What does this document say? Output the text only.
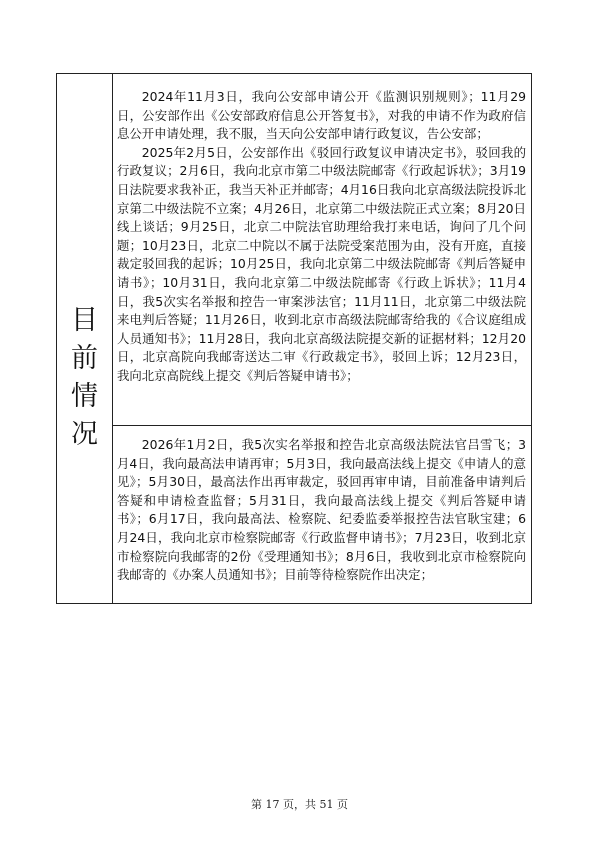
目前情况

2024年11月3日，我向公安部申请公开《监测识别规则》；11月29日，公安部作出《公安部政府信息公开答复书》，对我的申请不作为政府信息公开申请处理，我不服，当天向公安部申请行政复议，告公安部；

2025年2月5日，公安部作出《驳回行政复议申请决定书》，驳回我的行政复议；2月6日，我向北京市第二中级法院邮寄《行政起诉状》；3月19日法院要求我补正，我当天补正并邮寄；4月16日我向北京高级法院投诉北京第二中级法院不立案；4月26日，北京第二中级法院正式立案；8月20日线上谈话；9月25日，北京二中院法官助理给我打来电话，询问了几个问题；10月23日，北京二中院以不属于法院受案范围为由，没有开庭，直接裁定驳回我的起诉；10月25日，我向北京第二中级法院邮寄《判后答疑申请书》；10月31日，我向北京第二中级法院邮寄《行政上诉状》；11月4日，我5次实名举报和控告一审案涉法官；11月11日，北京第二中级法院来电判后答疑；11月26日，收到北京市高级法院邮寄给我的《合议庭组成人员通知书》；11月28日，我向北京高级法院提交新的证据材料；12月20日，北京高院向我邮寄送达二审《行政裁定书》，驳回上诉；12月23日，我向北京高院线上提交《判后答疑申请书》；

2026年1月2日，我5次实名举报和控告北京高级法院法官吕雪飞；3月4日，我向最高法申请再审；5月3日，我向最高法线上提交《申请人的意见》；5月30日，最高法作出再审裁定，驳回再审申请，目前准备申请判后答疑和申请检查监督；5月31日，我向最高法线上提交《判后答疑申请书》；6月17日，我向最高法、检察院、纪委监委举报控告法官耿宝建；6月24日，我向北京市检察院邮寄《行政监督申请书》；7月23日，收到北京市检察院向我邮寄的2份《受理通知书》；8月6日，我收到北京市检察院向我邮寄的《办案人员通知书》；目前等待检察院作出决定；

第 17 页，共 51 页
